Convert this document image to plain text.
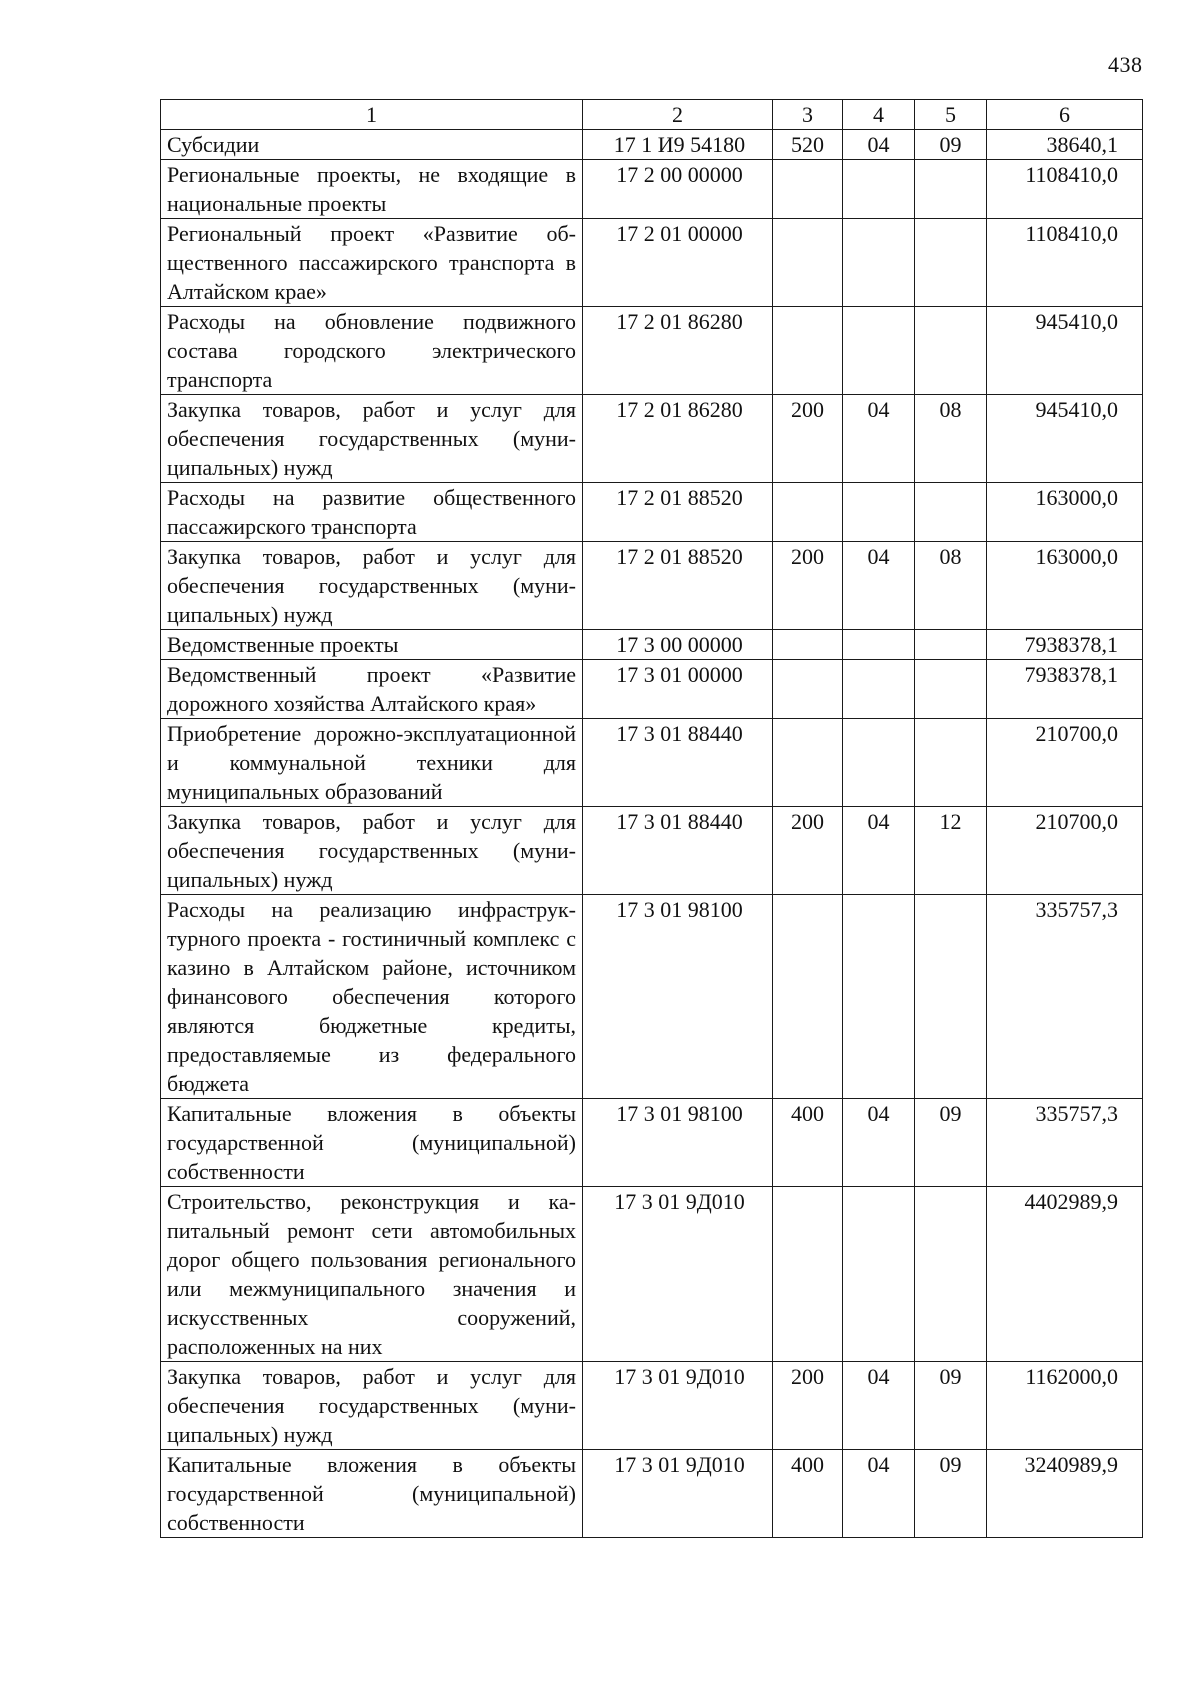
438
1	2	3	4	5	6
Субсидии	17 1 И9 54180	520	04	09	38640,1
Региональные проекты, не входящие в национальные проекты	17 2 00 00000				1108410,0
Региональный проект «Развитие общественного пассажирского транспорта в Алтайском крае»	17 2 01 00000				1108410,0
Расходы на обновление подвижного состава городского электрического транспорта	17 2 01 86280				945410,0
Закупка товаров, работ и услуг для обеспечения государственных (муниципальных) нужд	17 2 01 86280	200	04	08	945410,0
Расходы на развитие общественного пассажирского транспорта	17 2 01 88520				163000,0
Закупка товаров, работ и услуг для обеспечения государственных (муниципальных) нужд	17 2 01 88520	200	04	08	163000,0
Ведомственные проекты	17 3 00 00000				7938378,1
Ведомственный проект «Развитие дорожного хозяйства Алтайского края»	17 3 01 00000				7938378,1
Приобретение дорожно-эксплуатационной и коммунальной техники для муниципальных образований	17 3 01 88440				210700,0
Закупка товаров, работ и услуг для обеспечения государственных (муниципальных) нужд	17 3 01 88440	200	04	12	210700,0
Расходы на реализацию инфраструктурного проекта - гостиничный комплекс с казино в Алтайском районе, источником финансового обеспечения которого являются бюджетные кредиты, предоставляемые из федерального бюджета	17 3 01 98100				335757,3
Капитальные вложения в объекты государственной (муниципальной) собственности	17 3 01 98100	400	04	09	335757,3
Строительство, реконструкция и капитальный ремонт сети автомобильных дорог общего пользования регионального или межмуниципального значения и искусственных сооружений, расположенных на них	17 3 01 9Д010				4402989,9
Закупка товаров, работ и услуг для обеспечения государственных (муниципальных) нужд	17 3 01 9Д010	200	04	09	1162000,0
Капитальные вложения в объекты государственной (муниципальной) собственности	17 3 01 9Д010	400	04	09	3240989,9
